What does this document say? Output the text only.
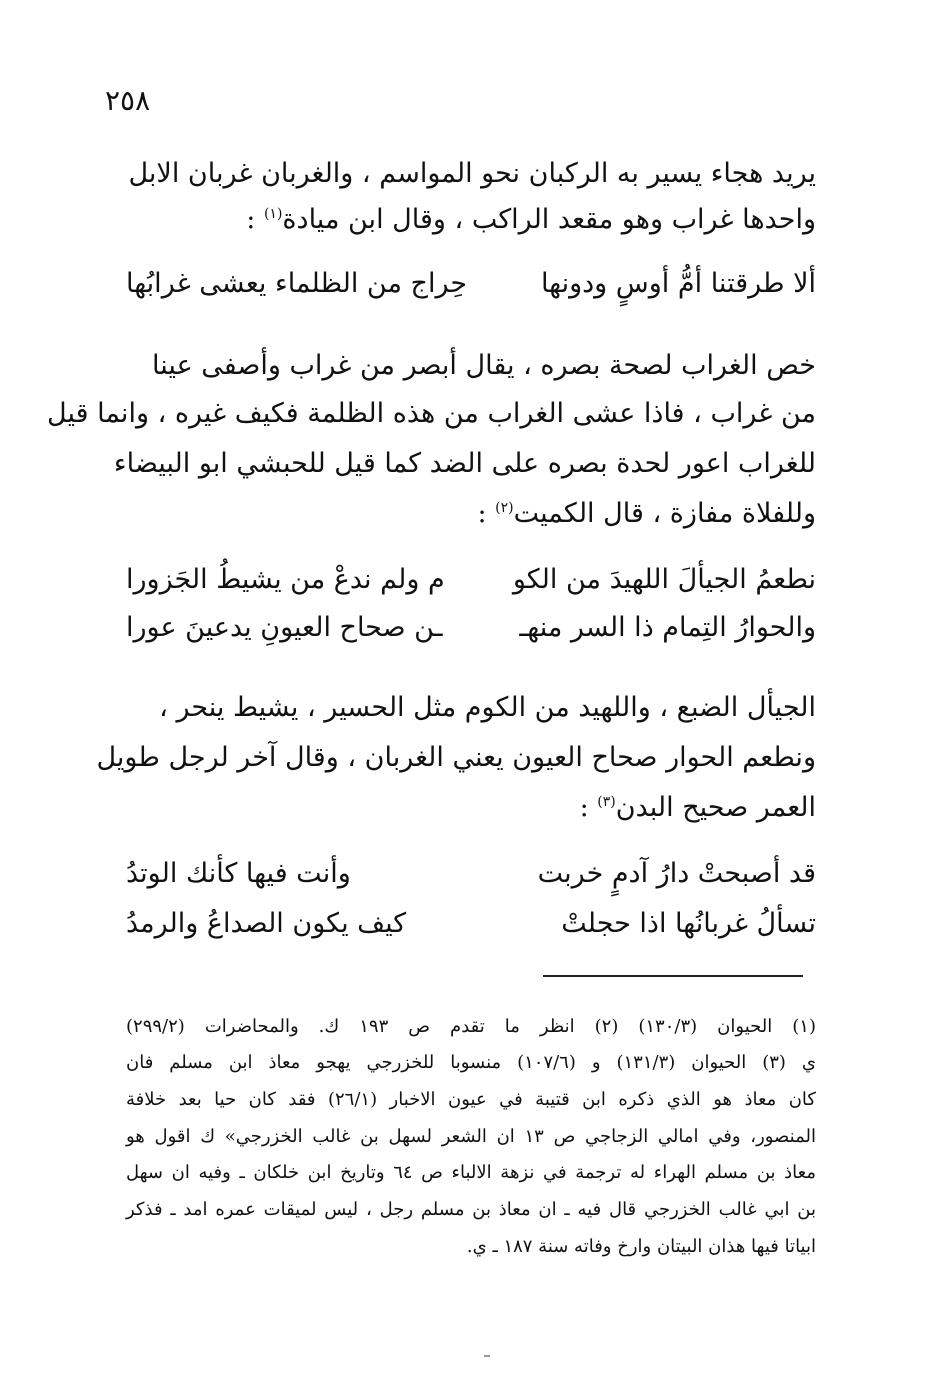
٢٥٨
يريد هجاء يسير به الركبان نحو المواسم ، والغربان غربان الابل
واحدها غراب وهو مقعد الراكب ، وقال ابن ميادة$^{(١)}$ :
ألا طرقتنا أمُّ أوسٍ ودونها
حِراج من الظلماء يعشى غرابُها
خص الغراب لصحة بصره ، يقال أبصر من غراب وأصفى عينا
من غراب ، فاذا عشى الغراب من هذه الظلمة فكيف غيره ، وانما قيل
للغراب اعور لحدة بصره على الضد كما قيل للحبشي ابو البيضاء
وللفلاة مفازة ، قال الكميت$^{(٢)}$ :
نطعمُ الجيألَ اللهيدَ من الكو
م ولم ندعْ من يشيطُ الجَزورا
والحوارُ التِمام ذا السر منهـ
ـن صحاح العيونِ يدعينَ عورا
الجيأل الضبع ، واللهيد من الكوم مثل الحسير ، يشيط ينحر ،
ونطعم الحوار صحاح العيون يعني الغربان ، وقال آخر لرجل طويل
العمر صحيح البدن$^{(٣)}$ :
قد أصبحتْ دارُ آدمٍ خربت
وأنت فيها كأنك الوتدُ
تسألُ غربانُها اذا حجلتْ
كيف يكون الصداعُ والرمدُ
(١) الحيوان (١٣٠/٣) (٢) انظر ما تقدم ص ١٩٣ ك. والمحاضرات (٢٩٩/٢)
ي (٣) الحيوان (١٣١/٣) و (١٠٧/٦) منسوبا للخزرجي يهجو معاذ ابن مسلم فان
كان معاذ هو الذي ذكره ابن قتيبة في عيون الاخبار (٢٦/١) فقد كان حيا بعد خلافة
المنصور، وفي امالي الزجاجي ص ١٣ ان الشعر لسهل بن غالب الخزرجي» ك اقول هو
معاذ بن مسلم الهراء له ترجمة في نزهة الالباء ص ٦٤ وتاريخ ابن خلكان ـ وفيه ان سهل
بن ابي غالب الخزرجي قال فيه ـ ان معاذ بن مسلم رجل ، ليس لميقات عمره امد ـ فذكر
ابياتا فيها هذان البيتان وارخ وفاته سنة ١٨٧ ـ ي.
